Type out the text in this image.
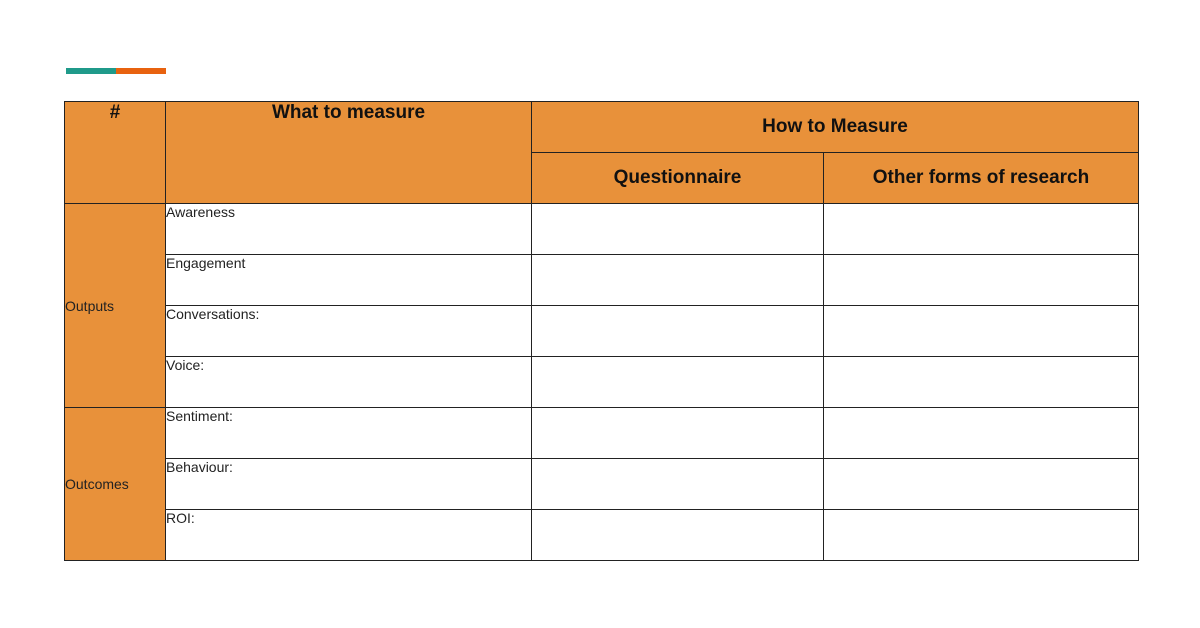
#	What to measure	How to Measure	
		Questionnaire	Other forms of research
Outputs	Awareness		
	Engagement		
	Conversations:		
	Voice:		
Outcomes	Sentiment:		
	Behaviour:		
	ROI:		
